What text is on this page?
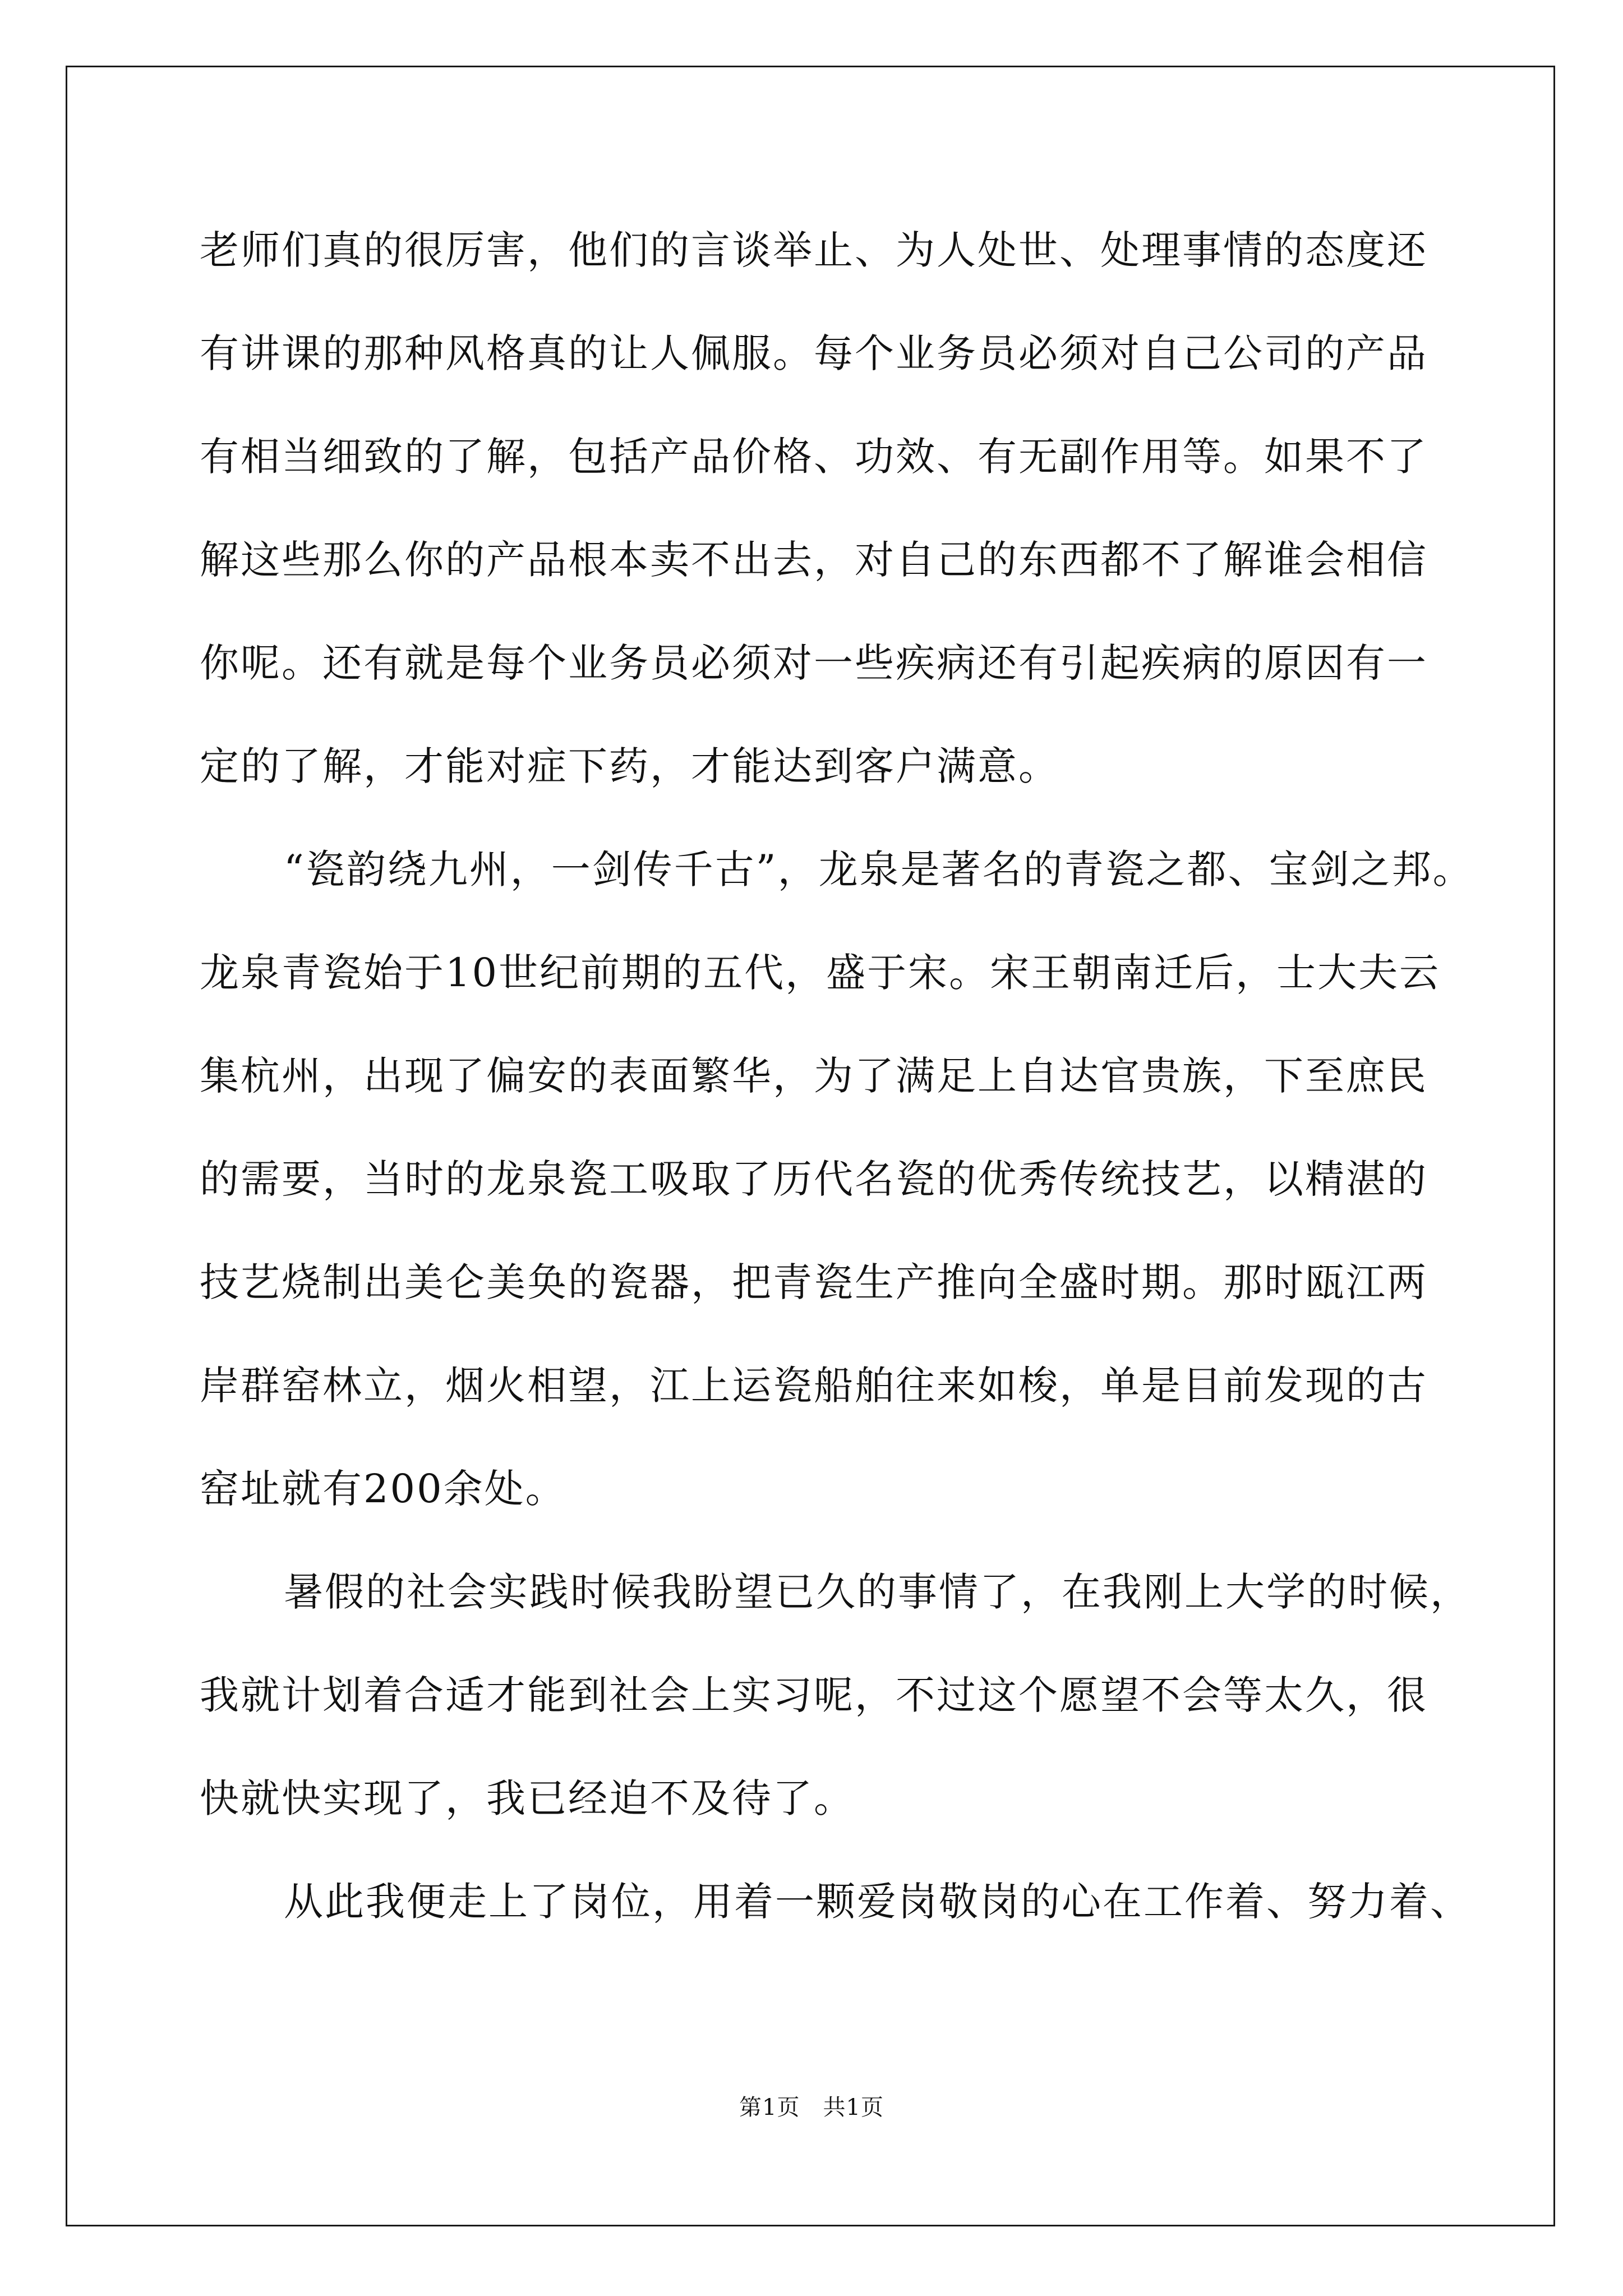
老师们真的很厉害，他们的言谈举止、为人处世、处理事情的态度还
有讲课的那种风格真的让人佩服。每个业务员必须对自己公司的产品
有相当细致的了解，包括产品价格、功效、有无副作用等。如果不了
解这些那么你的产品根本卖不出去，对自己的东西都不了解谁会相信
你呢。还有就是每个业务员必须对一些疾病还有引起疾病的原因有一
定的了解，才能对症下药，才能达到客户满意。
“瓷韵绕九州，一剑传千古”，龙泉是著名的青瓷之都、宝剑之邦。
龙泉青瓷始于10世纪前期的五代，盛于宋。宋王朝南迁后，士大夫云
集杭州，出现了偏安的表面繁华，为了满足上自达官贵族，下至庶民
的需要，当时的龙泉瓷工吸取了历代名瓷的优秀传统技艺，以精湛的
技艺烧制出美仑美奂的瓷器，把青瓷生产推向全盛时期。那时瓯江两
岸群窑林立，烟火相望，江上运瓷船舶往来如梭，单是目前发现的古
窑址就有200余处。
暑假的社会实践时候我盼望已久的事情了，在我刚上大学的时候，
我就计划着合适才能到社会上实习呢，不过这个愿望不会等太久，很
快就快实现了，我已经迫不及待了。
从此我便走上了岗位，用着一颗爱岗敬岗的心在工作着、努力着、
第1页　共1页
